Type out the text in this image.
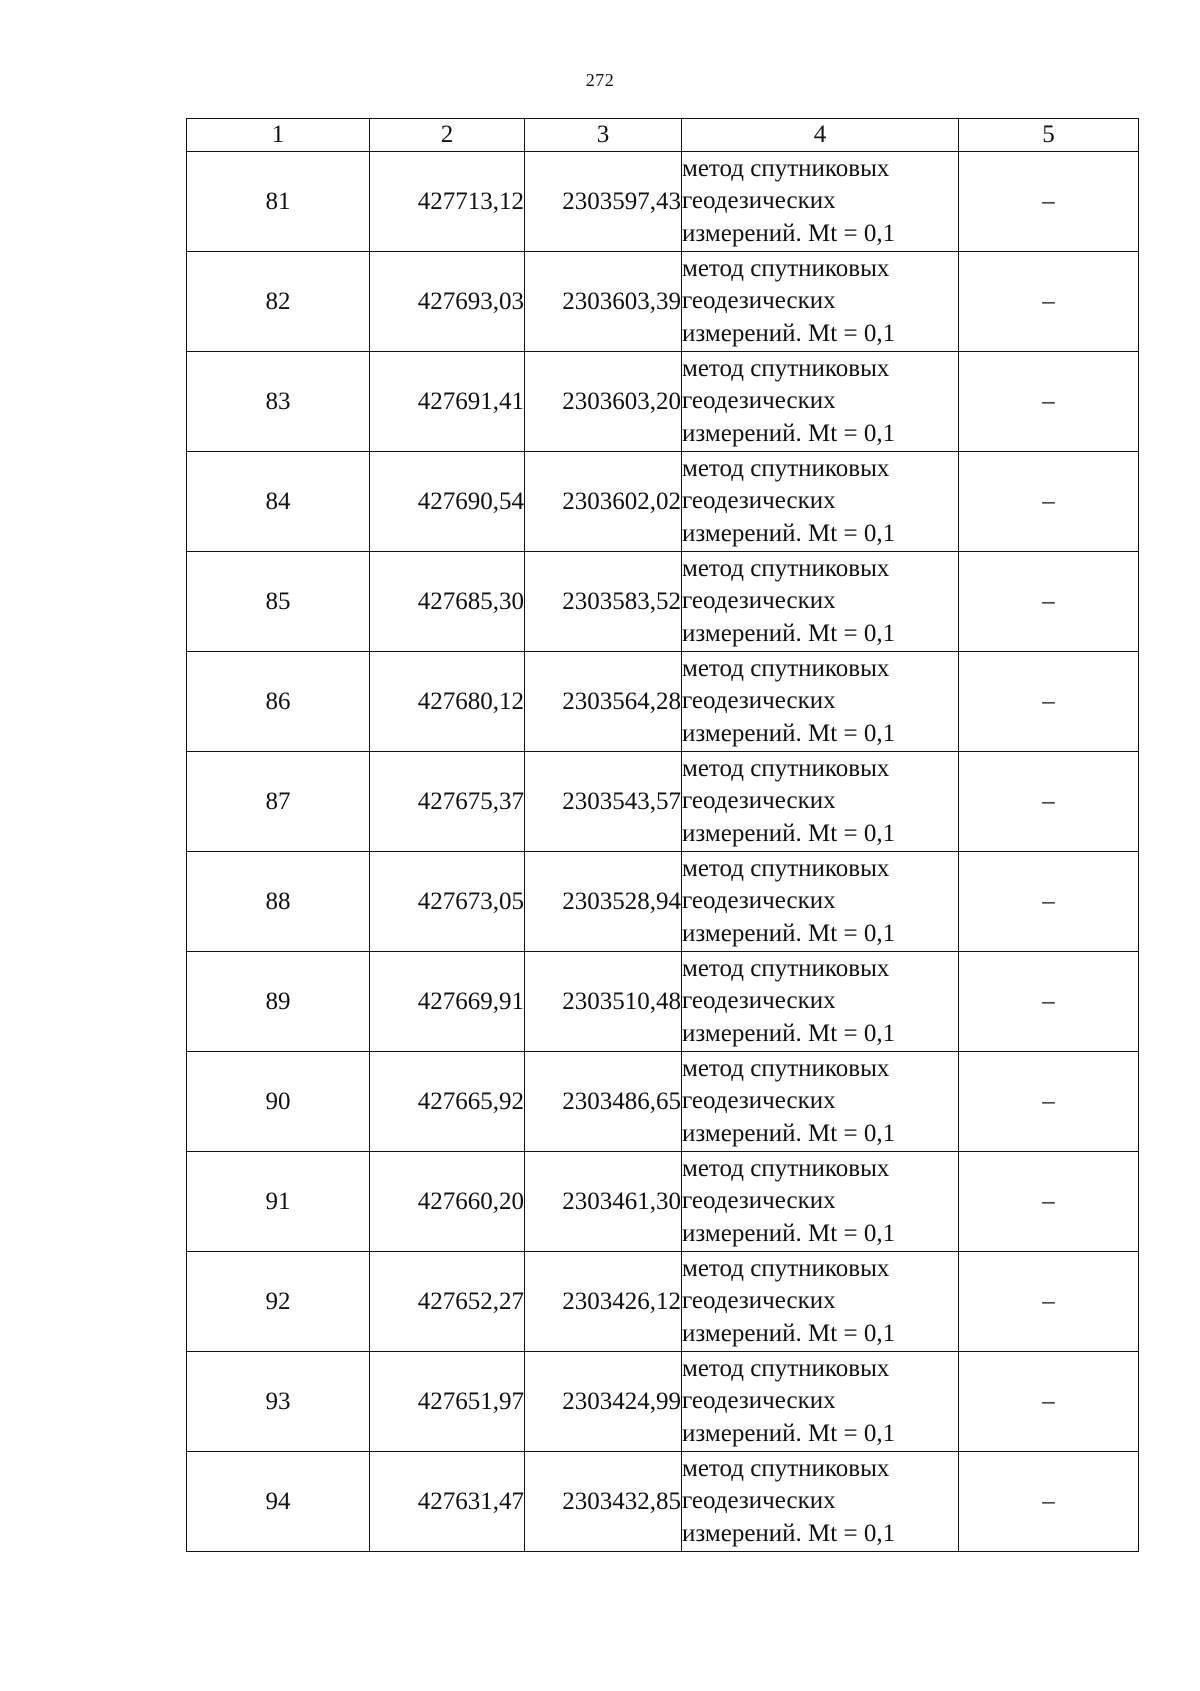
272
1	2	3	4	5
81	427713,12	2303597,43	метод спутниковых
геодезических
измерений. Mt = 0,1	–
82	427693,03	2303603,39	метод спутниковых
геодезических
измерений. Mt = 0,1	–
83	427691,41	2303603,20	метод спутниковых
геодезических
измерений. Mt = 0,1	–
84	427690,54	2303602,02	метод спутниковых
геодезических
измерений. Mt = 0,1	–
85	427685,30	2303583,52	метод спутниковых
геодезических
измерений. Mt = 0,1	–
86	427680,12	2303564,28	метод спутниковых
геодезических
измерений. Mt = 0,1	–
87	427675,37	2303543,57	метод спутниковых
геодезических
измерений. Mt = 0,1	–
88	427673,05	2303528,94	метод спутниковых
геодезических
измерений. Mt = 0,1	–
89	427669,91	2303510,48	метод спутниковых
геодезических
измерений. Mt = 0,1	–
90	427665,92	2303486,65	метод спутниковых
геодезических
измерений. Mt = 0,1	–
91	427660,20	2303461,30	метод спутниковых
геодезических
измерений. Mt = 0,1	–
92	427652,27	2303426,12	метод спутниковых
геодезических
измерений. Mt = 0,1	–
93	427651,97	2303424,99	метод спутниковых
геодезических
измерений. Mt = 0,1	–
94	427631,47	2303432,85	метод спутниковых
геодезических
измерений. Mt = 0,1	–
